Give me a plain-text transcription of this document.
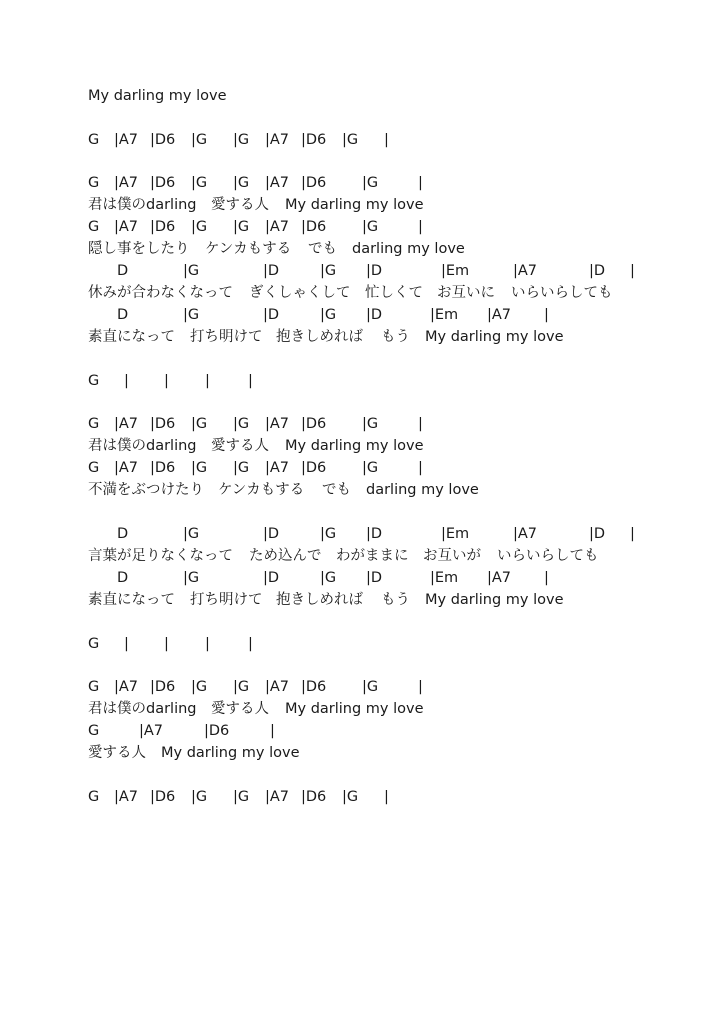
My darling my love
G |A7 |D6 |G |G |A7 |D6 |G |
G |A7 |D6 |G |G |A7 |D6 |G	|
君は僕のdarling 愛する人 My darling my love
G |A7 |D6 |G |G |A7 |D6 |G	|
隠し事をしたり ケンカもする でも darling my love
D	|G	|D	|G |D	|Em	|A7	|D |
休みが合わなくなって ぎくしゃくして 忙しくて お互いに いらいらしても
D	|G	|D	|G |D	|Em |A7 |
素直になって 打ち明けて 抱きしめれば もう My darling my love
G | | |	|
G |A7 |D6 |G |G |A7 |D6 |G	|
君は僕のdarling 愛する人 My darling my love
G |A7 |D6 |G |G |A7 |D6 |G	|
不満をぶつけたり ケンカもする でも darling my love
D	|G	|D	|G |D	|Em	|A7	|D |
言葉が足りなくなって ため込んで わがままに お互いが いらいらしても
D	|G	|D	|G |D	|Em |A7 |
素直になって 打ち明けて 抱きしめれば もう My darling my love
G | | |	|
G |A7 |D6 |G |G |A7 |D6 |G	|
君は僕のdarling 愛する人 My darling my love
G	|A7	|D6	|
愛する人 My darling my love
G |A7 |D6 |G |G |A7 |D6 |G |
